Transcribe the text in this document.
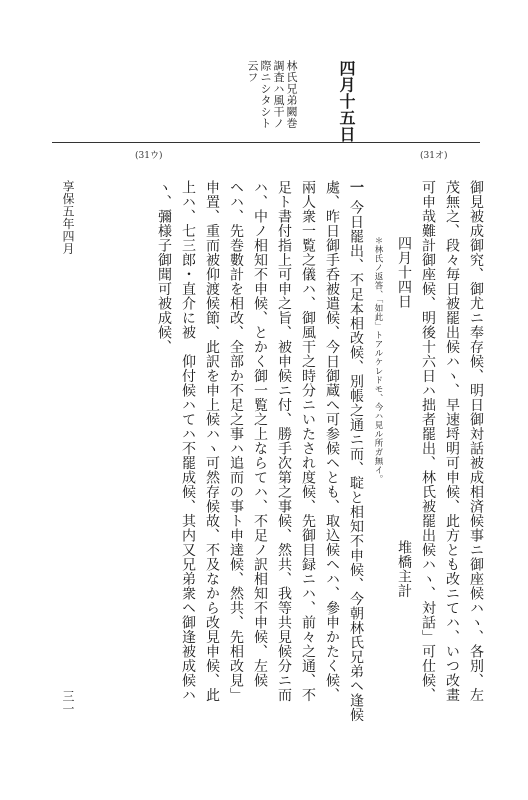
四月十五日
林氏兄弟闕巻
調査ハ風干ノ
際ニシタシト
云フ
(31ウ)	(31オ)
御見被成御究、御尤ニ奉存候、明日御対話被成相済候事ニ御座候ハヽ、各別、左
茂無之、段々毎日被罷出候ハヽ、早速埒明可申候、此方とも改ニてハ、いつ改畫
可申哉難計御座候、明後十六日ハ拙者罷出、林氏被罷出候ハヽ、対話」可仕候、
四月十四日
堆橋主計
＊林氏ノ返答、「如此」トアルケレドモ、今ハ見ル所ガ無イ。
一
今日罷出、不足本相改候、別帳之通ニ而、聢と相知不申候、今朝林氏兄弟ヘ逢候
處、昨日御手呑被遣候、今日御蔵へ可参候ヘとも、取込候ヘハ、參申かたく候、
兩人衆一覧之儀ハ、御風干之時分ニいたされ度候、先御目録ニハ、前々之通、不
足ト書付指上可申之旨、被申候ニ付、勝手次第之事候、然共、我等共見候分ニ而
ハ、中ノ相知不申候、とかく御一覧之上ならてハ、不足ノ訳相知不申候、左候
ヘハ、先巻數計を相改、全部か不足之事ハ追而の事ト申達候、然共、先相改見」
申置、重而被仰渡候節、此訳を申上候ハヽ可然存候故、不及なから改見申候、此
上ハ、七三郎・直介に被　仰付候ハてハ不罷成候、其内又兄弟衆ヘ御逢被成候ハ
ヽ、彌様子御聞可被成候、
享保五年四月
三一
